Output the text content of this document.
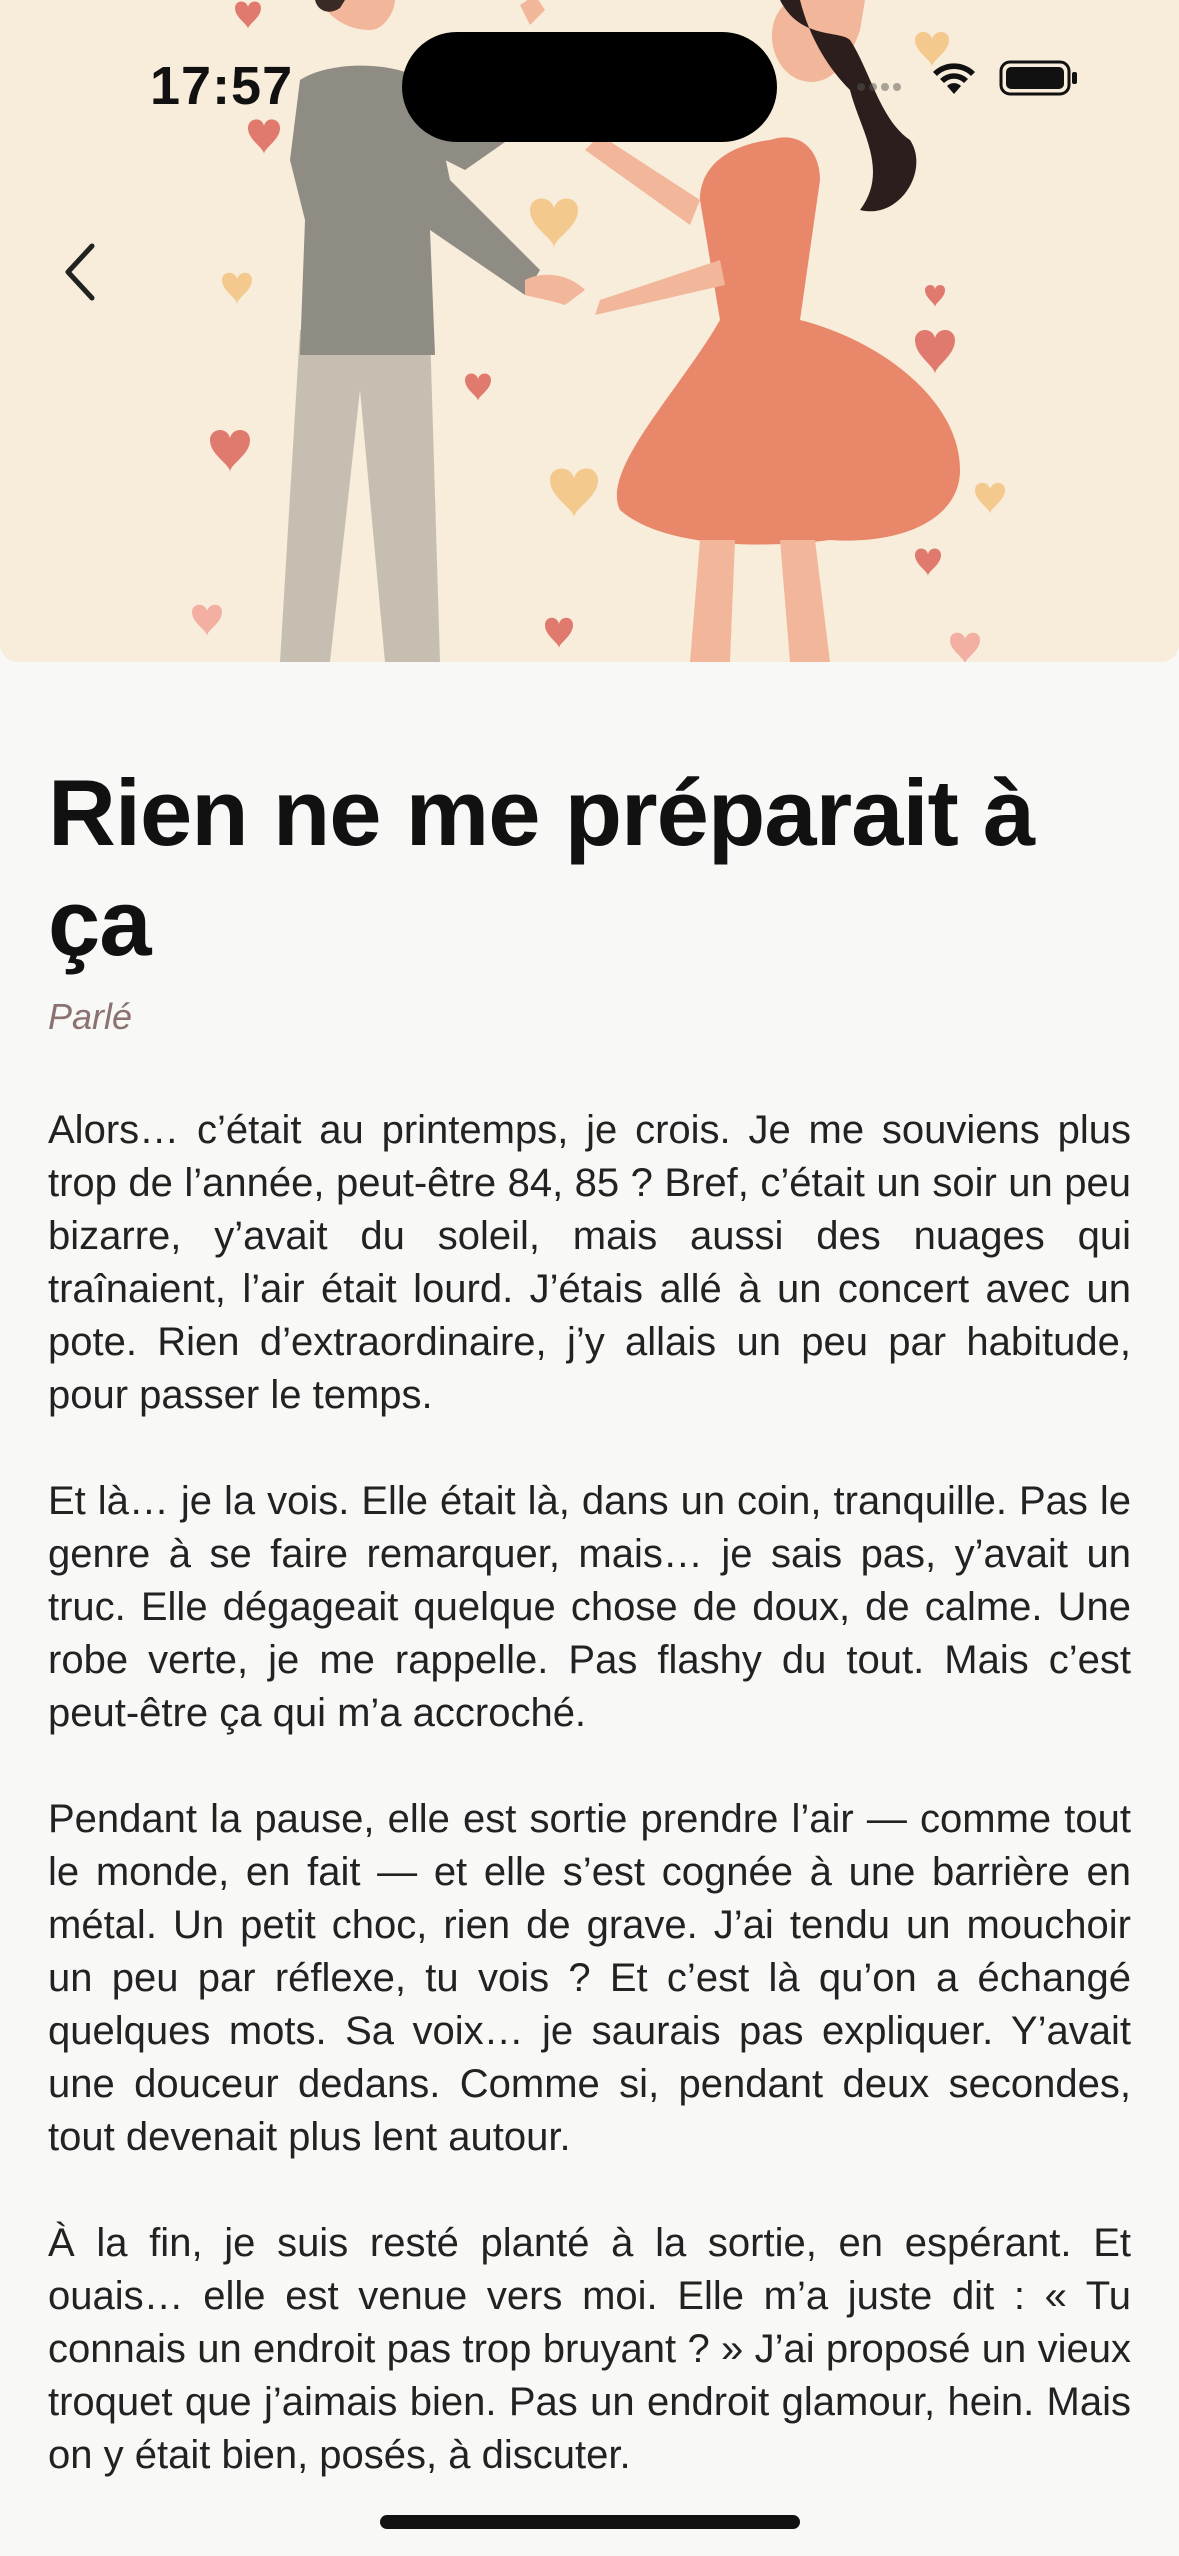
17:57
Rien ne me préparait à ça
Parlé

Alors… c’était au printemps, je crois. Je me souviens plus trop de l’année, peut-être 84, 85 ? Bref, c’était un soir un peu bizarre, y’avait du soleil, mais aussi des nuages qui traînaient, l’air était lourd. J’étais allé à un concert avec un pote. Rien d’extraordinaire, j’y allais un peu par habitude, pour passer le temps.

Et là… je la vois. Elle était là, dans un coin, tranquille. Pas le genre à se faire remarquer, mais… je sais pas, y’avait un truc. Elle dégageait quelque chose de doux, de calme. Une robe verte, je me rappelle. Pas flashy du tout. Mais c’est peut-être ça qui m’a accroché.

Pendant la pause, elle est sortie prendre l’air — comme tout le monde, en fait — et elle s’est cognée à une barrière en métal. Un petit choc, rien de grave. J’ai tendu un mouchoir un peu par réflexe, tu vois ? Et c’est là qu’on a échangé quelques mots. Sa voix… je saurais pas expliquer. Y’avait une douceur dedans. Comme si, pendant deux secondes, tout devenait plus lent autour.

À la fin, je suis resté planté à la sortie, en espérant. Et ouais… elle est venue vers moi. Elle m’a juste dit : « Tu connais un endroit pas trop bruyant ? » J’ai proposé un vieux troquet que j’aimais bien. Pas un endroit glamour, hein. Mais on y était bien, posés, à discuter.
